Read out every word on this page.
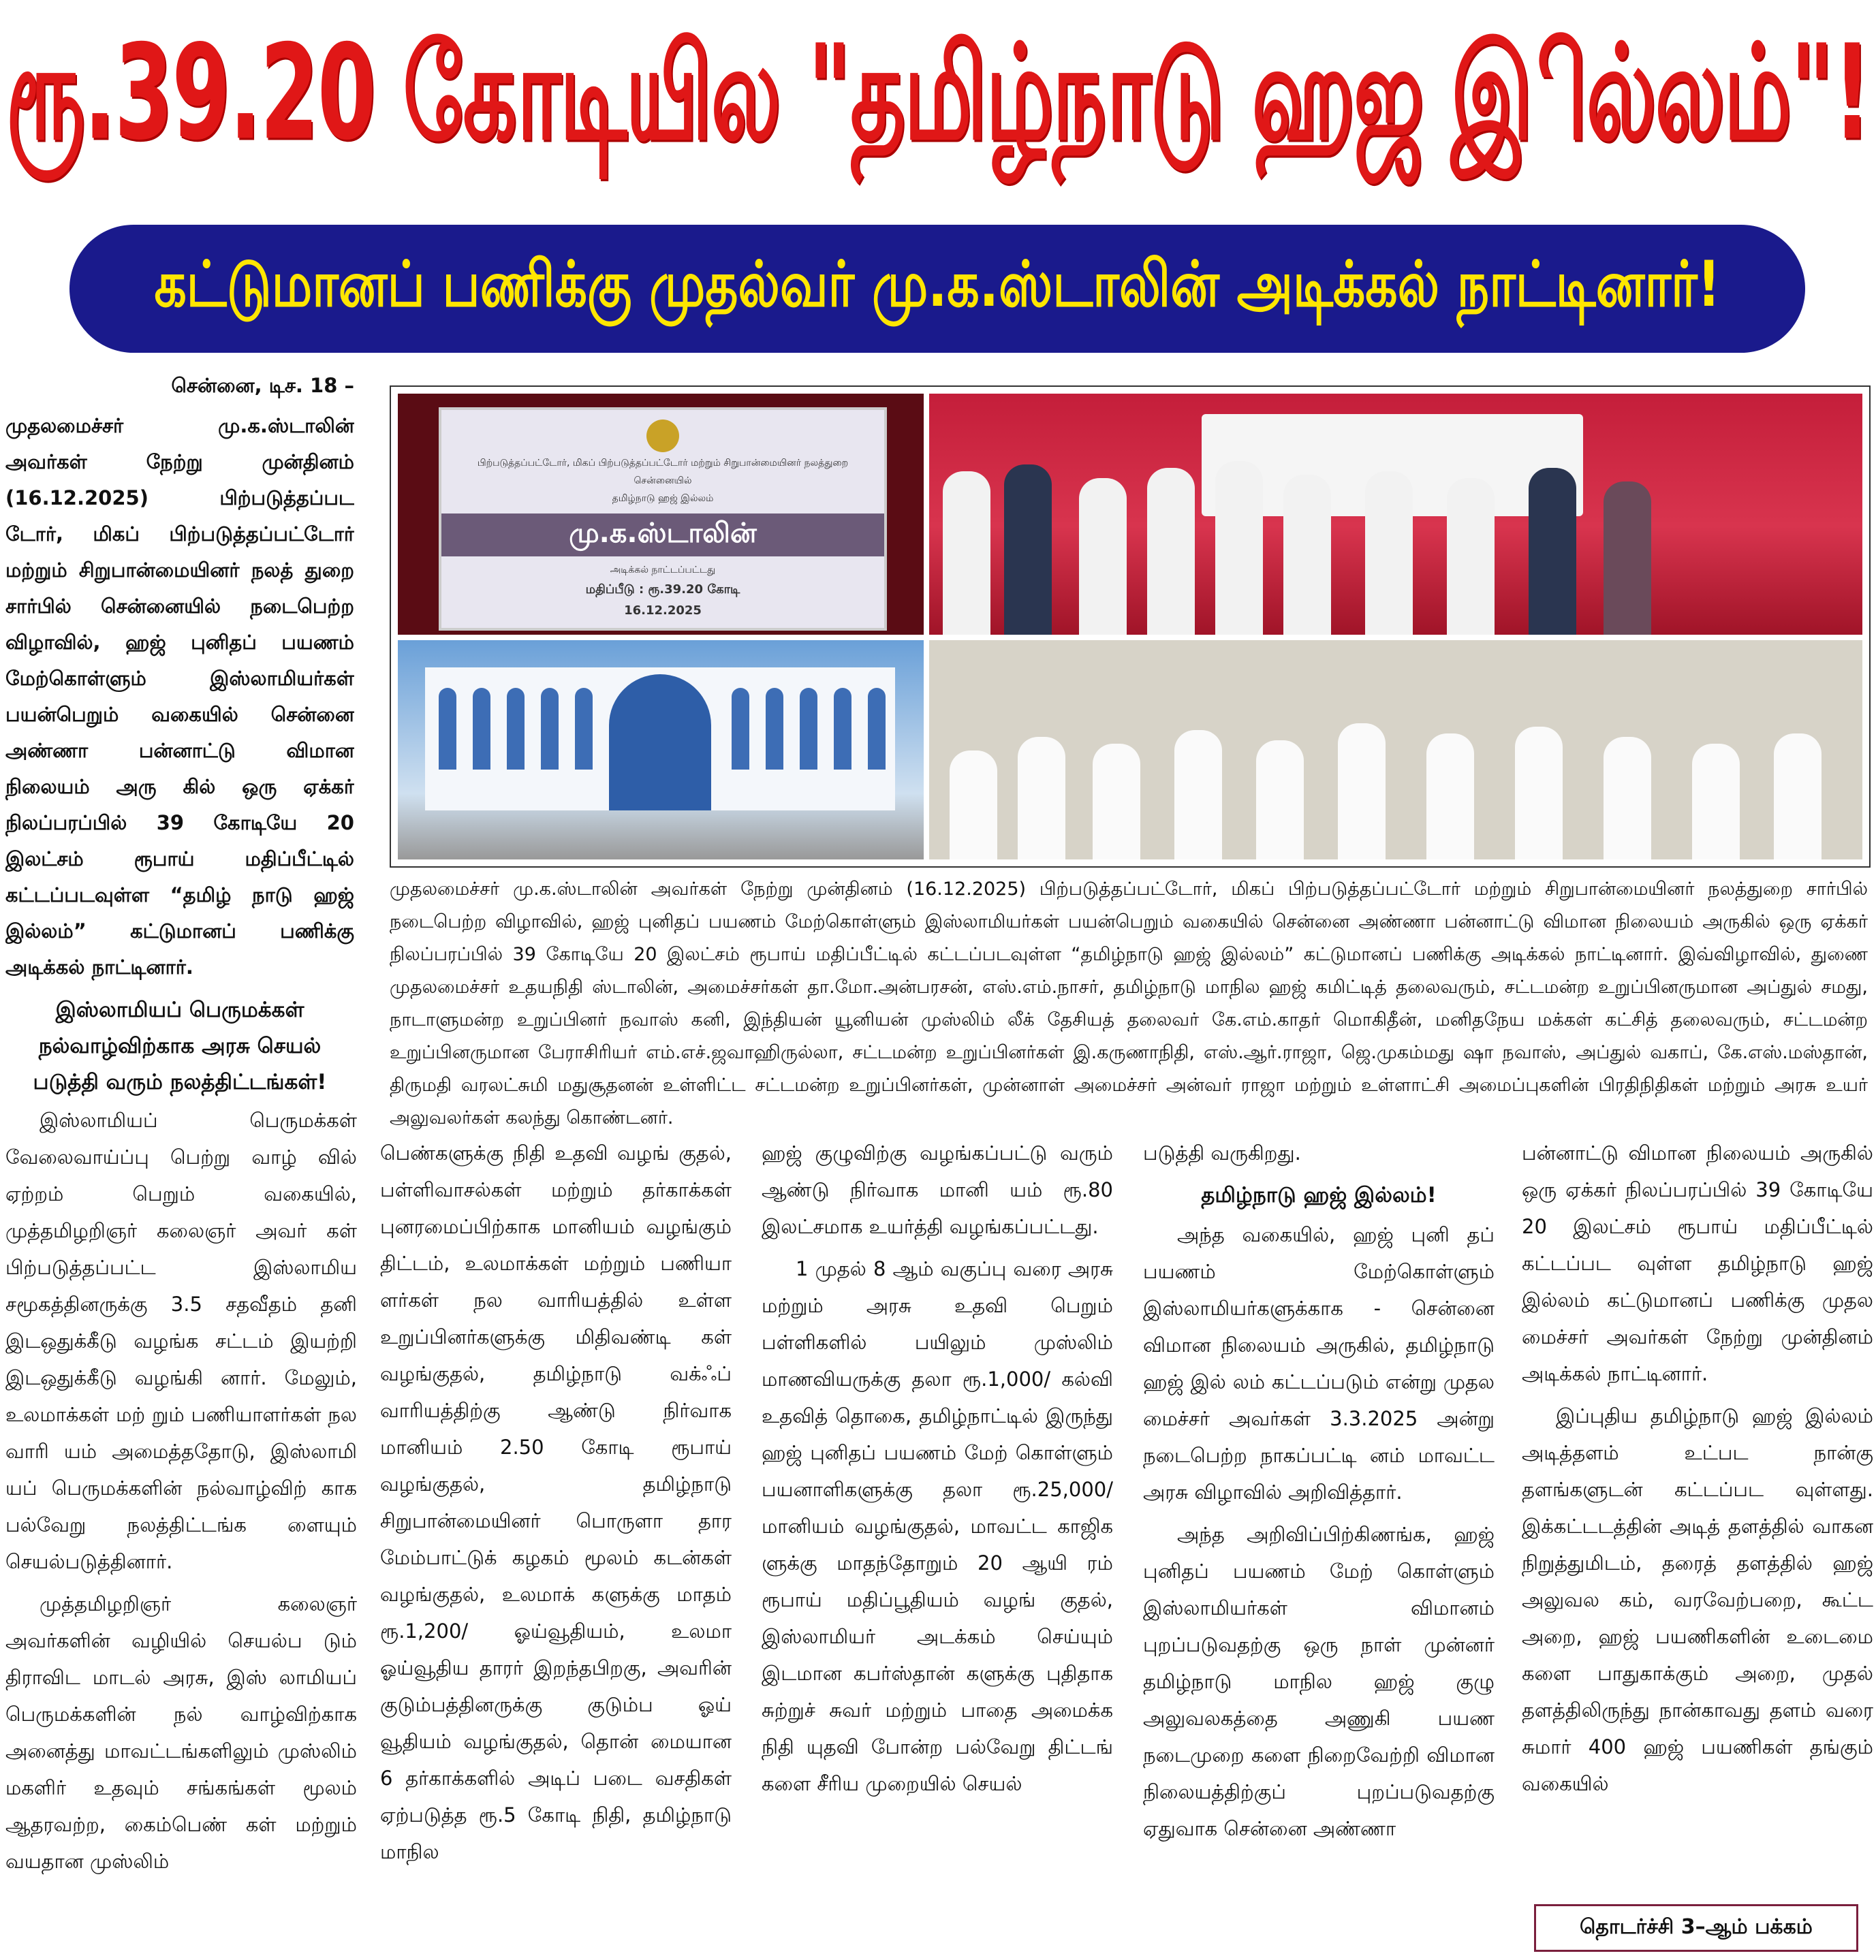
ரூ.39.20 கோடியில "தமிழ்நாடு ஹஜ இில்லம்"!
கட்டுமானப் பணிக்கு முதல்வர் மு.க.ஸ்டாலின் அடிக்கல் நாட்டினார்!

சென்னை, டிச. 18 –

முதலமைச்சர் மு.க.ஸ்டாலின் அவர்கள் நேற்று முன்தினம் (16.12.2025) பிற்படுத்தப்பட டோர், மிகப் பிற்படுத்தப்பட்டோர் மற்றும் சிறுபான்மையினர் நலத் துறை சார்பில் சென்னையில் நடைபெற்ற விழாவில், ஹஜ் புனிதப் பயணம் மேற்கொள்ளும் இஸ்லாமியர்கள் பயன்பெறும் வகையில் சென்னை அண்ணா பன்னாட்டு விமான நிலையம் அரு கில் ஒரு ஏக்கர் நிலப்பரப்பில் 39 கோடியே 20 இலட்சம் ரூபாய் மதிப்பீட்டில் கட்டப்படவுள்ள “தமிழ் நாடு ஹஜ் இல்லம்” கட்டுமானப் பணிக்கு அடிக்கல் நாட்டினார்.

இஸ்லாமியப் பெருமக்கள் நல்வாழ்விற்காக அரசு செயல் படுத்தி வரும் நலத்திட்டங்கள்!

இஸ்லாமியப் பெருமக்கள் வேலைவாய்ப்பு பெற்று வாழ் வில் ஏற்றம் பெறும் வகையில், முத்தமிழறிஞர் கலைஞர் அவர் கள் பிற்படுத்தப்பட்ட இஸ்லாமிய சமூகத்தினருக்கு 3.5 சதவீதம் தனி இடஒதுக்கீடு வழங்க சட்டம் இயற்றி இடஒதுக்கீடு வழங்கி னார். மேலும், உலமாக்கள் மற் றும் பணியாளர்கள் நல வாரி யம் அமைத்ததோடு, இஸ்லாமி யப் பெருமக்களின் நல்வாழ்விற் காக பல்வேறு நலத்திட்டங்க ளையும் செயல்படுத்தினார்.

முத்தமிழறிஞர் கலைஞர் அவர்களின் வழியில் செயல்ப டும் திராவிட மாடல் அரசு, இஸ் லாமியப் பெருமக்களின் நல் வாழ்விற்காக அனைத்து மாவட்டங்களிலும் முஸ்லிம் மகளிர் உதவும் சங்கங்கள் மூலம் ஆதரவற்ற, கைம்பெண் கள் மற்றும் வயதான முஸ்லிம்

பிற்படுத்தப்பட்டோர், மிகப் பிற்படுத்தப்பட்டோர் மற்றும் சிறுபான்மையினர் நலத்துறை
சென்னையில்
தமிழ்நாடு ஹஜ் இல்லம்
மு.க.ஸ்டாலின்
அடிக்கல் நாட்டப்பட்டது
மதிப்பீடு : ரூ.39.20 கோடி
16.12.2025
முதலமைச்சர் மு.க.ஸ்டாலின் அவர்கள் நேற்று முன்தினம் (16.12.2025) பிற்படுத்தப்பட்டோர், மிகப் பிற்படுத்தப்பட்டோர் மற்றும் சிறுபான்மையினர் நலத்துறை சார்பில் நடைபெற்ற விழாவில், ஹஜ் புனிதப் பயணம் மேற்கொள்ளும் இஸ்லாமியர்கள் பயன்பெறும் வகையில் சென்னை அண்ணா பன்னாட்டு விமான நிலையம் அருகில் ஒரு ஏக்கர் நிலப்பரப்பில் 39 கோடியே 20 இலட்சம் ரூபாய் மதிப்பீட்டில் கட்டப்படவுள்ள “தமிழ்நாடு ஹஜ் இல்லம்” கட்டுமானப் பணிக்கு அடிக்கல் நாட்டினார். இவ்விழாவில், துணை முதலமைச்சர் உதயநிதி ஸ்டாலின், அமைச்சர்கள் தா.மோ.அன்பரசன், எஸ்.எம்.நாசர், தமிழ்நாடு மாநில ஹஜ் கமிட்டித் தலைவரும், சட்டமன்ற உறுப்பினருமான அப்துல் சமது, நாடாளுமன்ற உறுப்பினர் நவாஸ் கனி, இந்தியன் யூனியன் முஸ்லிம் லீக் தேசியத் தலைவர் கே.எம்.காதர் மொகிதீன், மனிதநேய மக்கள் கட்சித் தலைவரும், சட்டமன்ற உறுப்பினருமான பேராசிரியர் எம்.எச்.ஜவாஹிருல்லா, சட்டமன்ற உறுப்பினர்கள் இ.கருணாநிதி, எஸ்.ஆர்.ராஜா, ஜெ.முகம்மது ஷா நவாஸ், அப்துல் வகாப், கே.எஸ்.மஸ்தான், திருமதி வரலட்சுமி மதுசூதனன் உள்ளிட்ட சட்டமன்ற உறுப்பினர்கள், முன்னாள் அமைச்சர் அன்வர் ராஜா மற்றும் உள்ளாட்சி அமைப்புகளின் பிரதிநிதிகள் மற்றும் அரசு உயர் அலுவலர்கள் கலந்து கொண்டனர்.

பெண்களுக்கு நிதி உதவி வழங் குதல், பள்ளிவாசல்கள் மற்றும் தர்காக்கள் புனரமைப்பிற்காக மானியம் வழங்கும் திட்டம், உலமாக்கள் மற்றும் பணியா ளர்கள் நல வாரியத்தில் உள்ள உறுப்பினர்களுக்கு மிதிவண்டி கள் வழங்குதல், தமிழ்நாடு வக்ஃப் வாரியத்திற்கு ஆண்டு நிர்வாக மானியம் 2.50 கோடி ரூபாய் வழங்குதல், தமிழ்நாடு சிறுபான்மையினர் பொருளா தார மேம்பாட்டுக் கழகம் மூலம் கடன்கள் வழங்குதல், உலமாக் களுக்கு மாதம் ரூ.1,200/ ஓய்வூதியம், உலமா ஓய்வூதிய தாரர் இறந்தபிறகு, அவரின் குடும்பத்தினருக்கு குடும்ப ஓய் வூதியம் வழங்குதல், தொன் மையான 6 தர்காக்களில் அடிப் படை வசதிகள் ஏற்படுத்த ரூ.5 கோடி நிதி, தமிழ்நாடு மாநில

ஹஜ் குழுவிற்கு வழங்கப்பட்டு வரும் ஆண்டு நிர்வாக மானி யம் ரூ.80 இலட்சமாக உயர்த்தி வழங்கப்பட்டது.

1 முதல் 8 ஆம் வகுப்பு வரை அரசு மற்றும் அரசு உதவி பெறும் பள்ளிகளில் பயிலும் முஸ்லிம் மாணவியருக்கு தலா ரூ.1,000/ கல்வி உதவித் தொகை, தமிழ்நாட்டில் இருந்து ஹஜ் புனிதப் பயணம் மேற் கொள்ளும் பயனாளிகளுக்கு தலா ரூ.25,000/ மானியம் வழங்குதல், மாவட்ட காஜிக ளுக்கு மாதந்தோறும் 20 ஆயி ரம் ரூபாய் மதிப்பூதியம் வழங் குதல், இஸ்லாமியர் அடக்கம் செய்யும் இடமான கபர்ஸ்தான் களுக்கு புதிதாக சுற்றுச் சுவர் மற்றும் பாதை அமைக்க நிதி யுதவி போன்ற பல்வேறு திட்டங் களை சீரிய முறையில் செயல்

படுத்தி வருகிறது.

தமிழ்நாடு ஹஜ் இல்லம்!

அந்த வகையில், ஹஜ் புனி தப் பயணம் மேற்கொள்ளும் இஸ்லாமியர்களுக்காக - சென்னை விமான நிலையம் அருகில், தமிழ்நாடு ஹஜ் இல் லம் கட்டப்படும் என்று முதல மைச்சர் அவர்கள் 3.3.2025 அன்று நடைபெற்ற நாகப்பட்டி னம் மாவட்ட அரசு விழாவில் அறிவித்தார்.

அந்த அறிவிப்பிற்கிணங்க, ஹஜ் புனிதப் பயணம் மேற் கொள்ளும் இஸ்லாமியர்கள் விமானம் புறப்படுவதற்கு ஒரு நாள் முன்னர் தமிழ்நாடு மாநில ஹஜ் குழு அலுவலகத்தை அணுகி பயண நடைமுறை களை நிறைவேற்றி விமான நிலையத்திற்குப் புறப்படுவதற்கு ஏதுவாக சென்னை அண்ணா

பன்னாட்டு விமான நிலையம் அருகில் ஒரு ஏக்கர் நிலப்பரப்பில் 39 கோடியே 20 இலட்சம் ரூபாய் மதிப்பீட்டில் கட்டப்பட வுள்ள தமிழ்நாடு ஹஜ் இல்லம் கட்டுமானப் பணிக்கு முதல மைச்சர் அவர்கள் நேற்று முன்தினம் அடிக்கல் நாட்டினார்.

இப்புதிய தமிழ்நாடு ஹஜ் இல்லம் அடித்தளம் உட்பட நான்கு தளங்களுடன் கட்டப்பட வுள்ளது. இக்கட்டடத்தின் அடித் தளத்தில் வாகன நிறுத்துமிடம், தரைத் தளத்தில் ஹஜ் அலுவல கம், வரவேற்பறை, கூட்ட அறை, ஹஜ் பயணிகளின் உடைமை களை பாதுகாக்கும் அறை, முதல் தளத்திலிருந்து நான்காவது தளம் வரை சுமார் 400 ஹஜ் பயணிகள் தங்கும் வகையில்

தொடர்ச்சி 3–ஆம் பக்கம்
